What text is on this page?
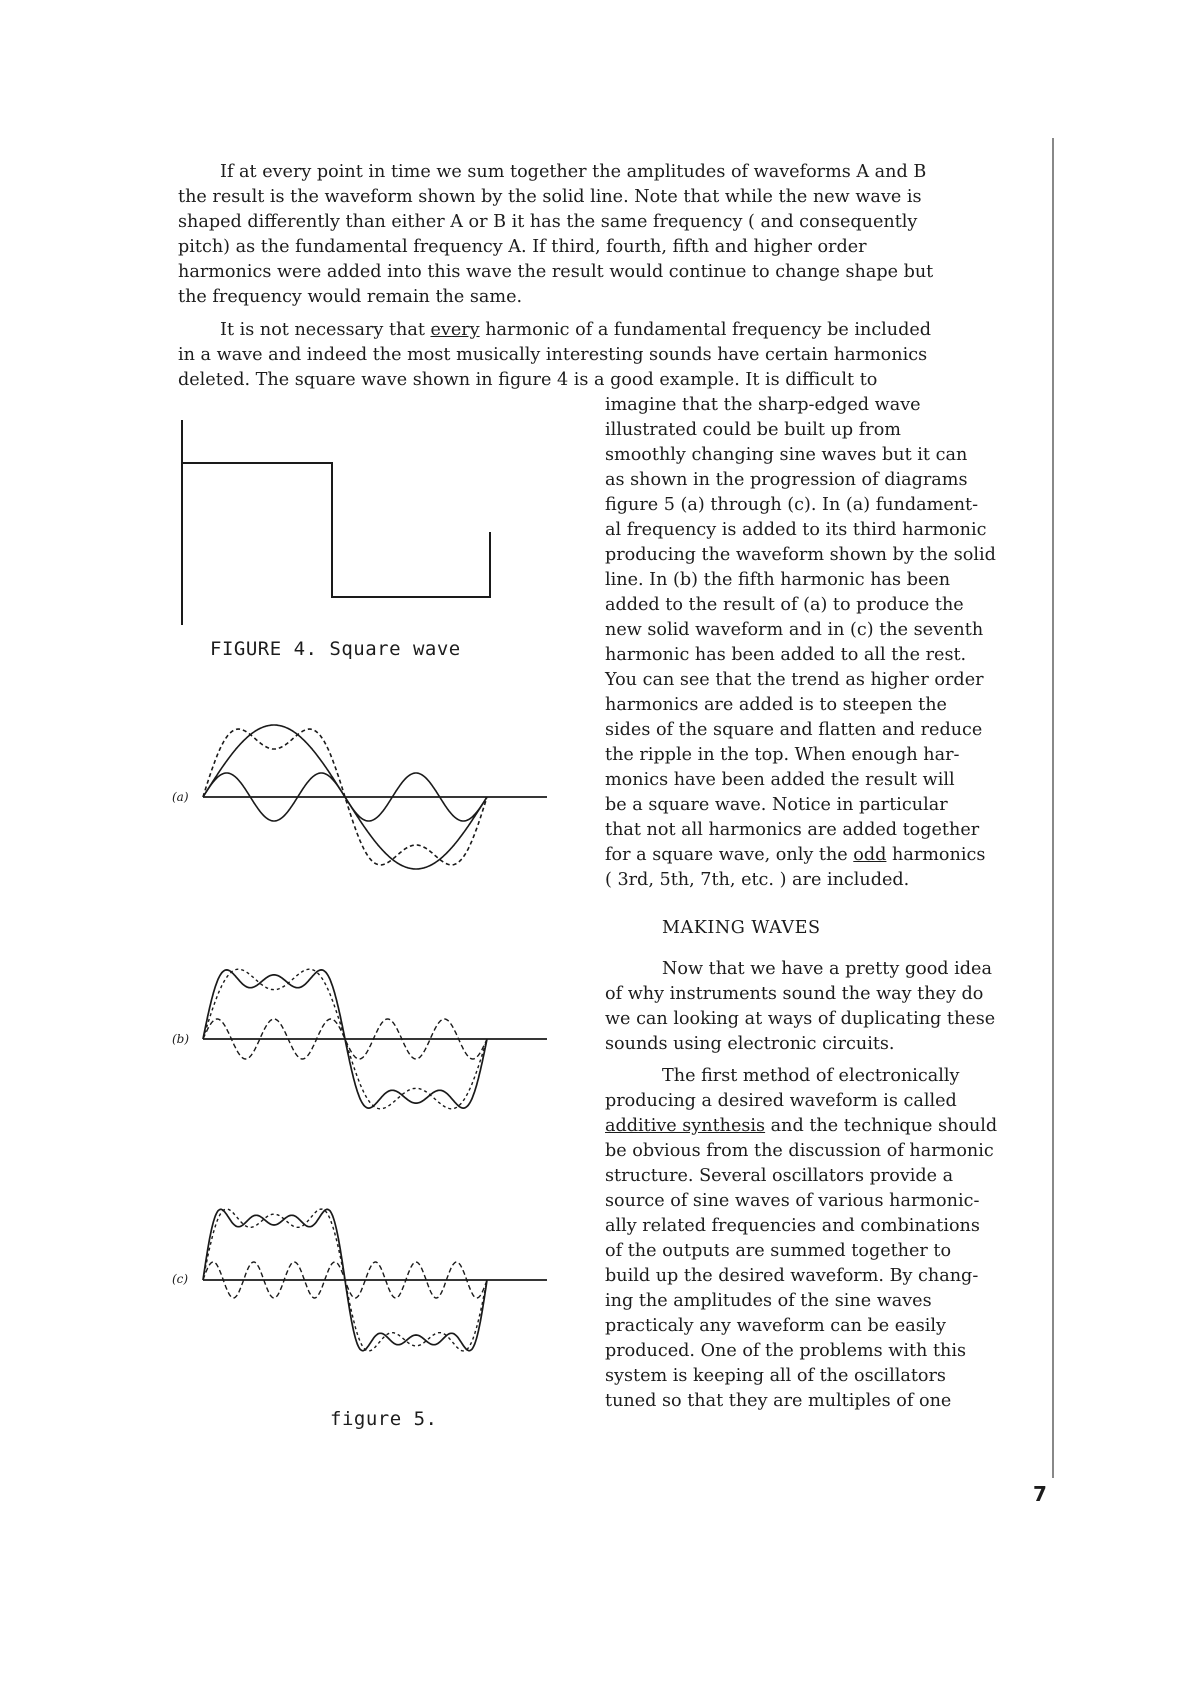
If at every point in time we sum together the amplitudes of waveforms A and B
the result is the waveform shown by the solid line. Note that while the new wave is
shaped differently than either A or B it has the same frequency ( and consequently
pitch) as the fundamental frequency A. If third, fourth, fifth and higher order
harmonics were added into this wave the result would continue to change shape but
the frequency would remain the same.

It is not necessary that every harmonic of a fundamental frequency be included
in a wave and indeed the most musically interesting sounds have certain harmonics
deleted. The square wave shown in figure 4 is a good example. It is difficult to

imagine that the sharp-edged wave
illustrated could be built up from
smoothly changing sine waves but it can
as shown in the progression of diagrams
figure 5 (a) through (c). In (a) fundament-
al frequency is added to its third harmonic
producing the waveform shown by the solid
line. In (b) the fifth harmonic has been
added to the result of (a) to produce the
new solid waveform and in (c) the seventh
harmonic has been added to all the rest.
You can see that the trend as higher order
harmonics are added is to steepen the
sides of the square and flatten and reduce
the ripple in the top. When enough har-
monics have been added the result will
be a square wave. Notice in particular
that not all harmonics are added together
for a square wave, only the odd harmonics
( 3rd, 5th, 7th, etc. ) are included.

MAKING WAVES

Now that we have a pretty good idea
of why instruments sound the way they do
we can looking at ways of duplicating these
sounds using electronic circuits.

The first method of electronically
producing a desired waveform is called
additive synthesis and the technique should
be obvious from the discussion of harmonic
structure. Several oscillators provide a
source of sine waves of various harmonic-
ally related frequencies and combinations
of the outputs are summed together to
build up the desired waveform. By chang-
ing the amplitudes of the sine waves
practicaly any waveform can be easily
produced. One of the problems with this
system is keeping all of the oscillators
tuned so that they are multiples of one

FIGURE 4. Square wave
(a)
(b)
(c)
figure 5.
7
